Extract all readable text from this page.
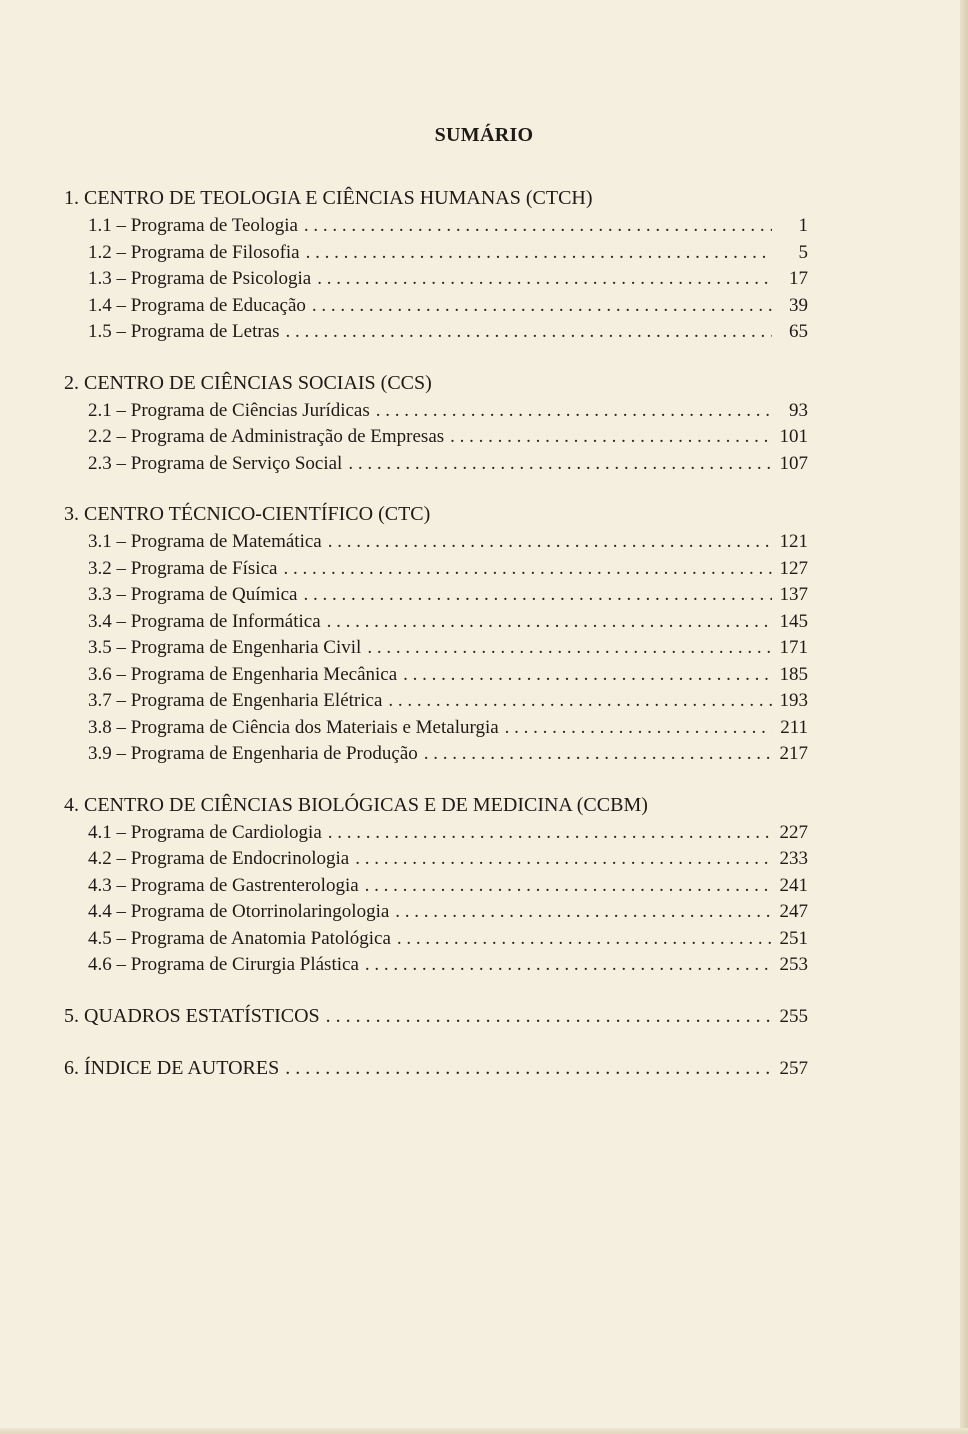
SUMÁRIO
1. CENTRO DE TEOLOGIA E CIÊNCIAS HUMANAS (CTCH)
1.1 – Programa de Teologia . . .	1
1.2 – Programa de Filosofia . . .	5
1.3 – Programa de Psicologia . . .	17
1.4 – Programa de Educação . . .	39
1.5 – Programa de Letras . . .	65
2. CENTRO DE CIÊNCIAS SOCIAIS (CCS)
2.1 – Programa de Ciências Jurídicas . . .	93
2.2 – Programa de Administração de Empresas . . .	101
2.3 – Programa de Serviço Social . . .	107
3. CENTRO TÉCNICO-CIENTÍFICO (CTC)
3.1 – Programa de Matemática . . .	121
3.2 – Programa de Física . . .	127
3.3 – Programa de Química . . .	137
3.4 – Programa de Informática . . .	145
3.5 – Programa de Engenharia Civil . . .	171
3.6 – Programa de Engenharia Mecânica . . .	185
3.7 – Programa de Engenharia Elétrica . . .	193
3.8 – Programa de Ciência dos Materiais e Metalurgia . . .	211
3.9 – Programa de Engenharia de Produção . . .	217
4. CENTRO DE CIÊNCIAS BIOLÓGICAS E DE MEDICINA (CCBM)
4.1 – Programa de Cardiologia . . .	227
4.2 – Programa de Endocrinologia . . .	233
4.3 – Programa de Gastrenterologia . . .	241
4.4 – Programa de Otorrinolaringologia . . .	247
4.5 – Programa de Anatomia Patológica . . .	251
4.6 – Programa de Cirurgia Plástica . . .	253
5. QUADROS ESTATÍSTICOS . . .	255
6. ÍNDICE DE AUTORES . . .	257
